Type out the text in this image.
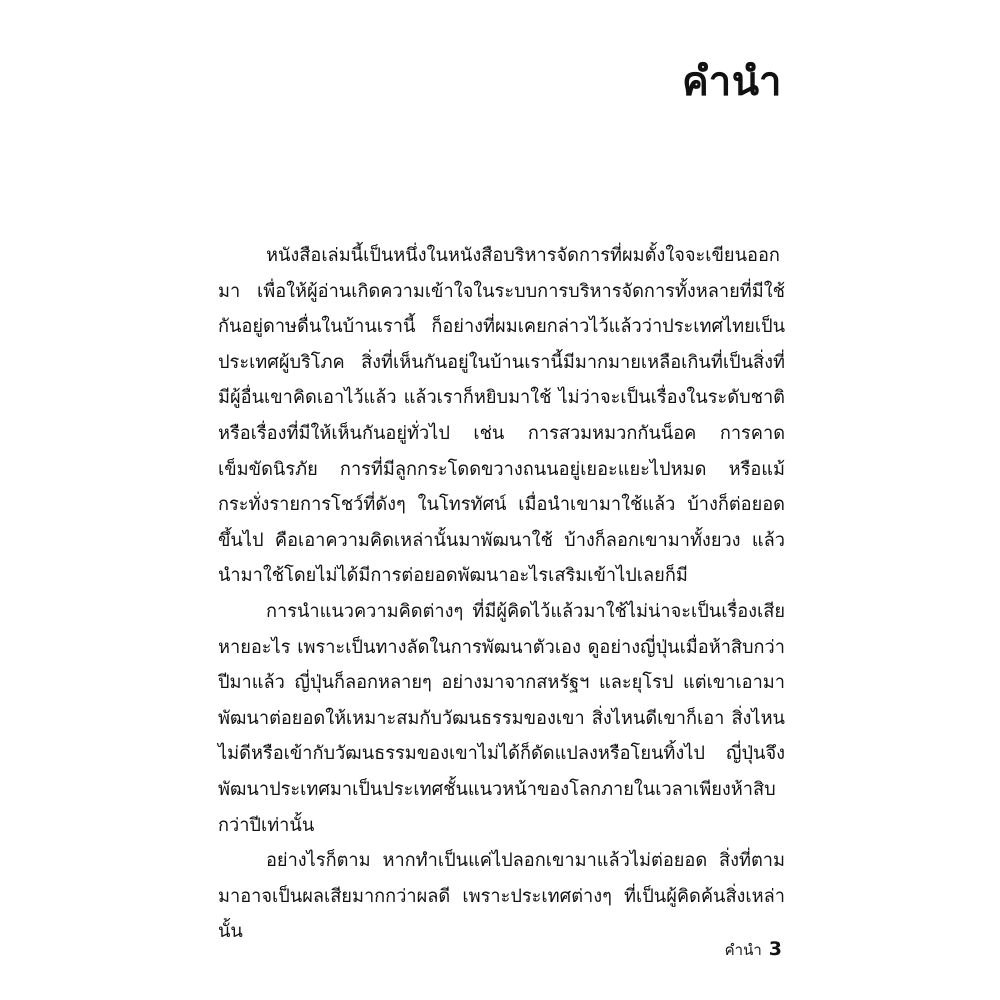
คำนำ

หนังสือเล่มนี้เป็นหนึ่งในหนังสือบริหารจัดการที่ผมตั้งใจจะเขียนออกมา เพื่อให้ผู้อ่านเกิดความเข้าใจในระบบการบริหารจัดการทั้งหลายที่มีใช้กันอยู่ดาษดื่นในบ้านเรานี้ ก็อย่างที่ผมเคยกล่าวไว้แล้วว่าประเทศไทยเป็นประเทศผู้บริโภค สิ่งที่เห็นกันอยู่ในบ้านเรานี้มีมากมายเหลือเกินที่เป็นสิ่งที่มีผู้อื่นเขาคิดเอาไว้แล้ว แล้วเราก็หยิบมาใช้ ไม่ว่าจะเป็นเรื่องในระดับชาติ หรือเรื่องที่มีให้เห็นกันอยู่ทั่วไป เช่น การสวมหมวกกันน็อค การคาดเข็มขัดนิรภัย การที่มีลูกกระโดดขวางถนนอยู่เยอะแยะไปหมด หรือแม้กระทั่งรายการโชว์ที่ดังๆ ในโทรทัศน์ เมื่อนำเขามาใช้แล้ว บ้างก็ต่อยอดขึ้นไป คือเอาความคิดเหล่านั้นมาพัฒนาใช้ บ้างก็ลอกเขามาทั้งยวง แล้วนำมาใช้โดยไม่ได้มีการต่อยอดพัฒนาอะไรเสริมเข้าไปเลยก็มี

การนำแนวความคิดต่างๆ ที่มีผู้คิดไว้แล้วมาใช้ไม่น่าจะเป็นเรื่องเสียหายอะไร เพราะเป็นทางลัดในการพัฒนาตัวเอง ดูอย่างญี่ปุ่นเมื่อห้าสิบกว่าปีมาแล้ว ญี่ปุ่นก็ลอกหลายๆ อย่างมาจากสหรัฐฯ และยุโรป แต่เขาเอามาพัฒนาต่อยอดให้เหมาะสมกับวัฒนธรรมของเขา สิ่งไหนดีเขาก็เอา สิ่งไหนไม่ดีหรือเข้ากับวัฒนธรรมของเขาไม่ได้ก็ดัดแปลงหรือโยนทิ้งไป ญี่ปุ่นจึงพัฒนาประเทศมาเป็นประเทศชั้นแนวหน้าของโลกภายในเวลาเพียงห้าสิบกว่าปีเท่านั้น

อย่างไรก็ตาม หากทำเป็นแค่ไปลอกเขามาแล้วไม่ต่อยอด สิ่งที่ตามมาอาจเป็นผลเสียมากกว่าผลดี เพราะประเทศต่างๆ ที่เป็นผู้คิดค้นสิ่งเหล่านั้น

คำนำ 3
